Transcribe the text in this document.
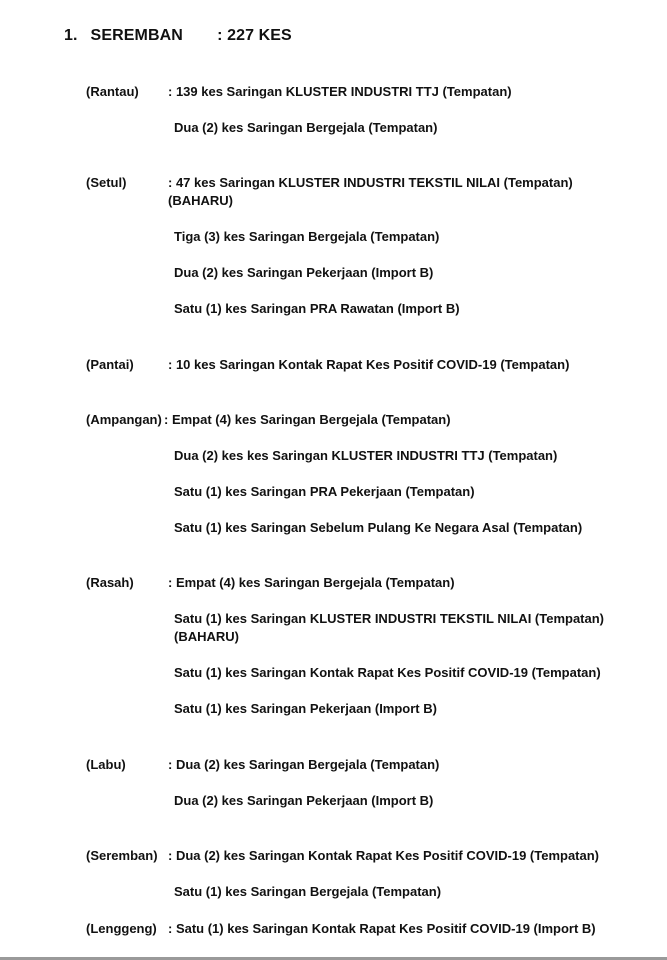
1. SEREMBAN : 227 KES
(Rantau) : 139 kes Saringan KLUSTER INDUSTRI TTJ (Tempatan)
Dua (2) kes Saringan Bergejala (Tempatan)
(Setul)	: 47 kes Saringan KLUSTER INDUSTRI TEKSTIL NILAI (Tempatan)
(BAHARU)
Tiga (3) kes Saringan Bergejala (Tempatan)
Dua (2) kes Saringan Pekerjaan (Import B)
Satu (1) kes Saringan PRA Rawatan (Import B)
(Pantai)	: 10 kes Saringan Kontak Rapat Kes Positif COVID-19 (Tempatan)
(Ampangan) : Empat (4) kes Saringan Bergejala (Tempatan)
Dua (2) kes kes Saringan KLUSTER INDUSTRI TTJ (Tempatan)
Satu (1) kes Saringan PRA Pekerjaan (Tempatan)
Satu (1) kes Saringan Sebelum Pulang Ke Negara Asal (Tempatan)
(Rasah)	: Empat (4) kes Saringan Bergejala (Tempatan)
Satu (1) kes Saringan KLUSTER INDUSTRI TEKSTIL NILAI (Tempatan)
(BAHARU)
Satu (1) kes Saringan Kontak Rapat Kes Positif COVID-19 (Tempatan)
Satu (1) kes Saringan Pekerjaan (Import B)
(Labu)	: Dua (2) kes Saringan Bergejala (Tempatan)
Dua (2) kes Saringan Pekerjaan (Import B)
(Seremban) : Dua (2) kes Saringan Kontak Rapat Kes Positif COVID-19 (Tempatan)
Satu (1) kes Saringan Bergejala (Tempatan)
(Lenggeng) : Satu (1) kes Saringan Kontak Rapat Kes Positif COVID-19 (Import B)
